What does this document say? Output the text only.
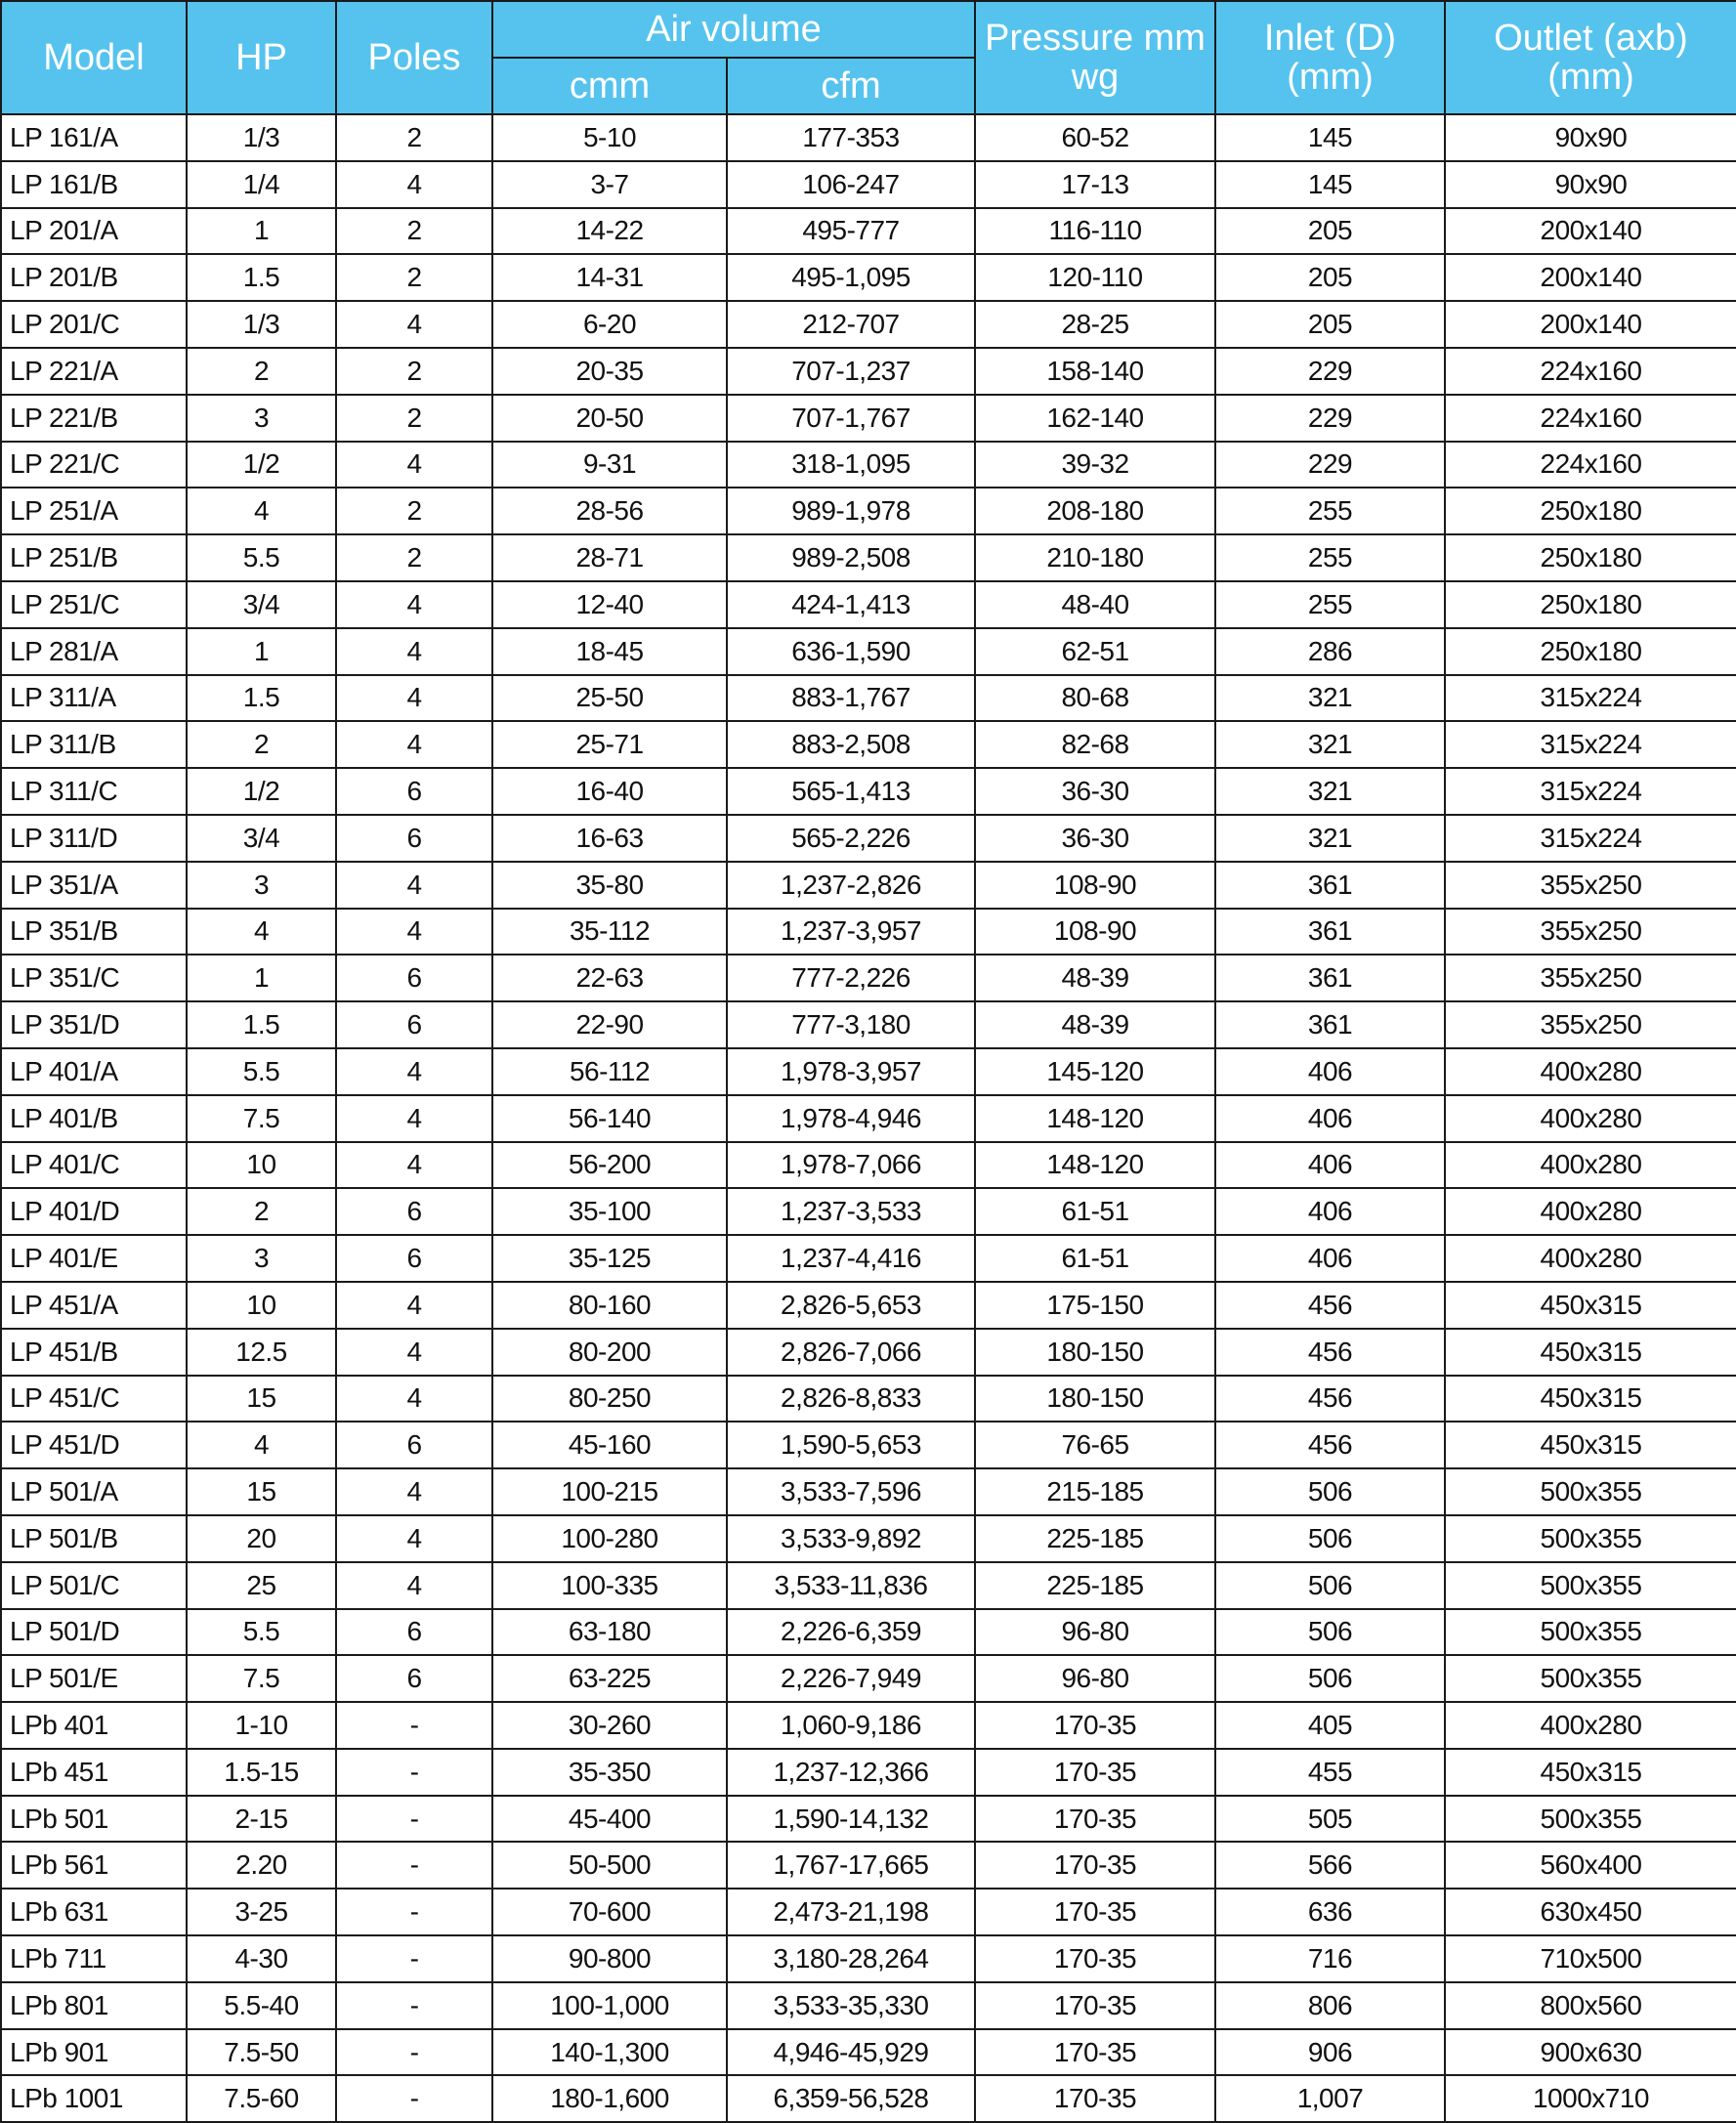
Model	HP	Poles	Air volume		Pressure mm wg	Inlet (D) (mm)	Outlet (axb) (mm)
			cmm	cfm			
LP 161/A	1/3	2	5-10	177-353	60-52	145	90x90
LP 161/B	1/4	4	3-7	106-247	17-13	145	90x90
LP 201/A	1	2	14-22	495-777	116-110	205	200x140
LP 201/B	1.5	2	14-31	495-1,095	120-110	205	200x140
LP 201/C	1/3	4	6-20	212-707	28-25	205	200x140
LP 221/A	2	2	20-35	707-1,237	158-140	229	224x160
LP 221/B	3	2	20-50	707-1,767	162-140	229	224x160
LP 221/C	1/2	4	9-31	318-1,095	39-32	229	224x160
LP 251/A	4	2	28-56	989-1,978	208-180	255	250x180
LP 251/B	5.5	2	28-71	989-2,508	210-180	255	250x180
LP 251/C	3/4	4	12-40	424-1,413	48-40	255	250x180
LP 281/A	1	4	18-45	636-1,590	62-51	286	250x180
LP 311/A	1.5	4	25-50	883-1,767	80-68	321	315x224
LP 311/B	2	4	25-71	883-2,508	82-68	321	315x224
LP 311/C	1/2	6	16-40	565-1,413	36-30	321	315x224
LP 311/D	3/4	6	16-63	565-2,226	36-30	321	315x224
LP 351/A	3	4	35-80	1,237-2,826	108-90	361	355x250
LP 351/B	4	4	35-112	1,237-3,957	108-90	361	355x250
LP 351/C	1	6	22-63	777-2,226	48-39	361	355x250
LP 351/D	1.5	6	22-90	777-3,180	48-39	361	355x250
LP 401/A	5.5	4	56-112	1,978-3,957	145-120	406	400x280
LP 401/B	7.5	4	56-140	1,978-4,946	148-120	406	400x280
LP 401/C	10	4	56-200	1,978-7,066	148-120	406	400x280
LP 401/D	2	6	35-100	1,237-3,533	61-51	406	400x280
LP 401/E	3	6	35-125	1,237-4,416	61-51	406	400x280
LP 451/A	10	4	80-160	2,826-5,653	175-150	456	450x315
LP 451/B	12.5	4	80-200	2,826-7,066	180-150	456	450x315
LP 451/C	15	4	80-250	2,826-8,833	180-150	456	450x315
LP 451/D	4	6	45-160	1,590-5,653	76-65	456	450x315
LP 501/A	15	4	100-215	3,533-7,596	215-185	506	500x355
LP 501/B	20	4	100-280	3,533-9,892	225-185	506	500x355
LP 501/C	25	4	100-335	3,533-11,836	225-185	506	500x355
LP 501/D	5.5	6	63-180	2,226-6,359	96-80	506	500x355
LP 501/E	7.5	6	63-225	2,226-7,949	96-80	506	500x355
LPb 401	1-10	-	30-260	1,060-9,186	170-35	405	400x280
LPb 451	1.5-15	-	35-350	1,237-12,366	170-35	455	450x315
LPb 501	2-15	-	45-400	1,590-14,132	170-35	505	500x355
LPb 561	2.20	-	50-500	1,767-17,665	170-35	566	560x400
LPb 631	3-25	-	70-600	2,473-21,198	170-35	636	630x450
LPb 711	4-30	-	90-800	3,180-28,264	170-35	716	710x500
LPb 801	5.5-40	-	100-1,000	3,533-35,330	170-35	806	800x560
LPb 901	7.5-50	-	140-1,300	4,946-45,929	170-35	906	900x630
LPb 1001	7.5-60	-	180-1,600	6,359-56,528	170-35	1,007	1000x710
